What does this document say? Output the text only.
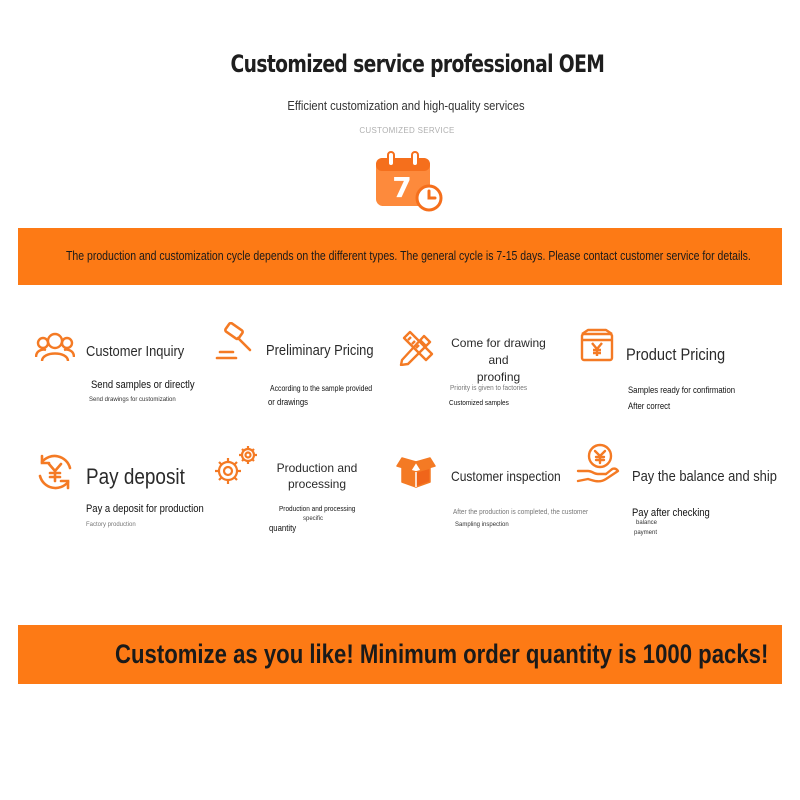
Customized service professional OEM
Efficient customization and high-quality services
CUSTOMIZED SERVICE
7
The production and customization cycle depends on the different types. The general cycle is 7-15 days. Please contact customer service for details.
Customer Inquiry
Send samples or directly
Send drawings for customization
Preliminary Pricing
According to the sample provided
or drawings
Come for drawing and
proofing
Priority is given to factories
Customized samples
Product Pricing
Samples ready for confirmation
After correct
Pay deposit
Pay a deposit for production
Factory production
Production and
processing
Production and processing
specific
quantity
Customer inspection
After the production is completed, the customer
Sampling inspection
Pay the balance and ship
Pay after checking
balance
payment
Customize as you like! Minimum order quantity is 1000 packs!
